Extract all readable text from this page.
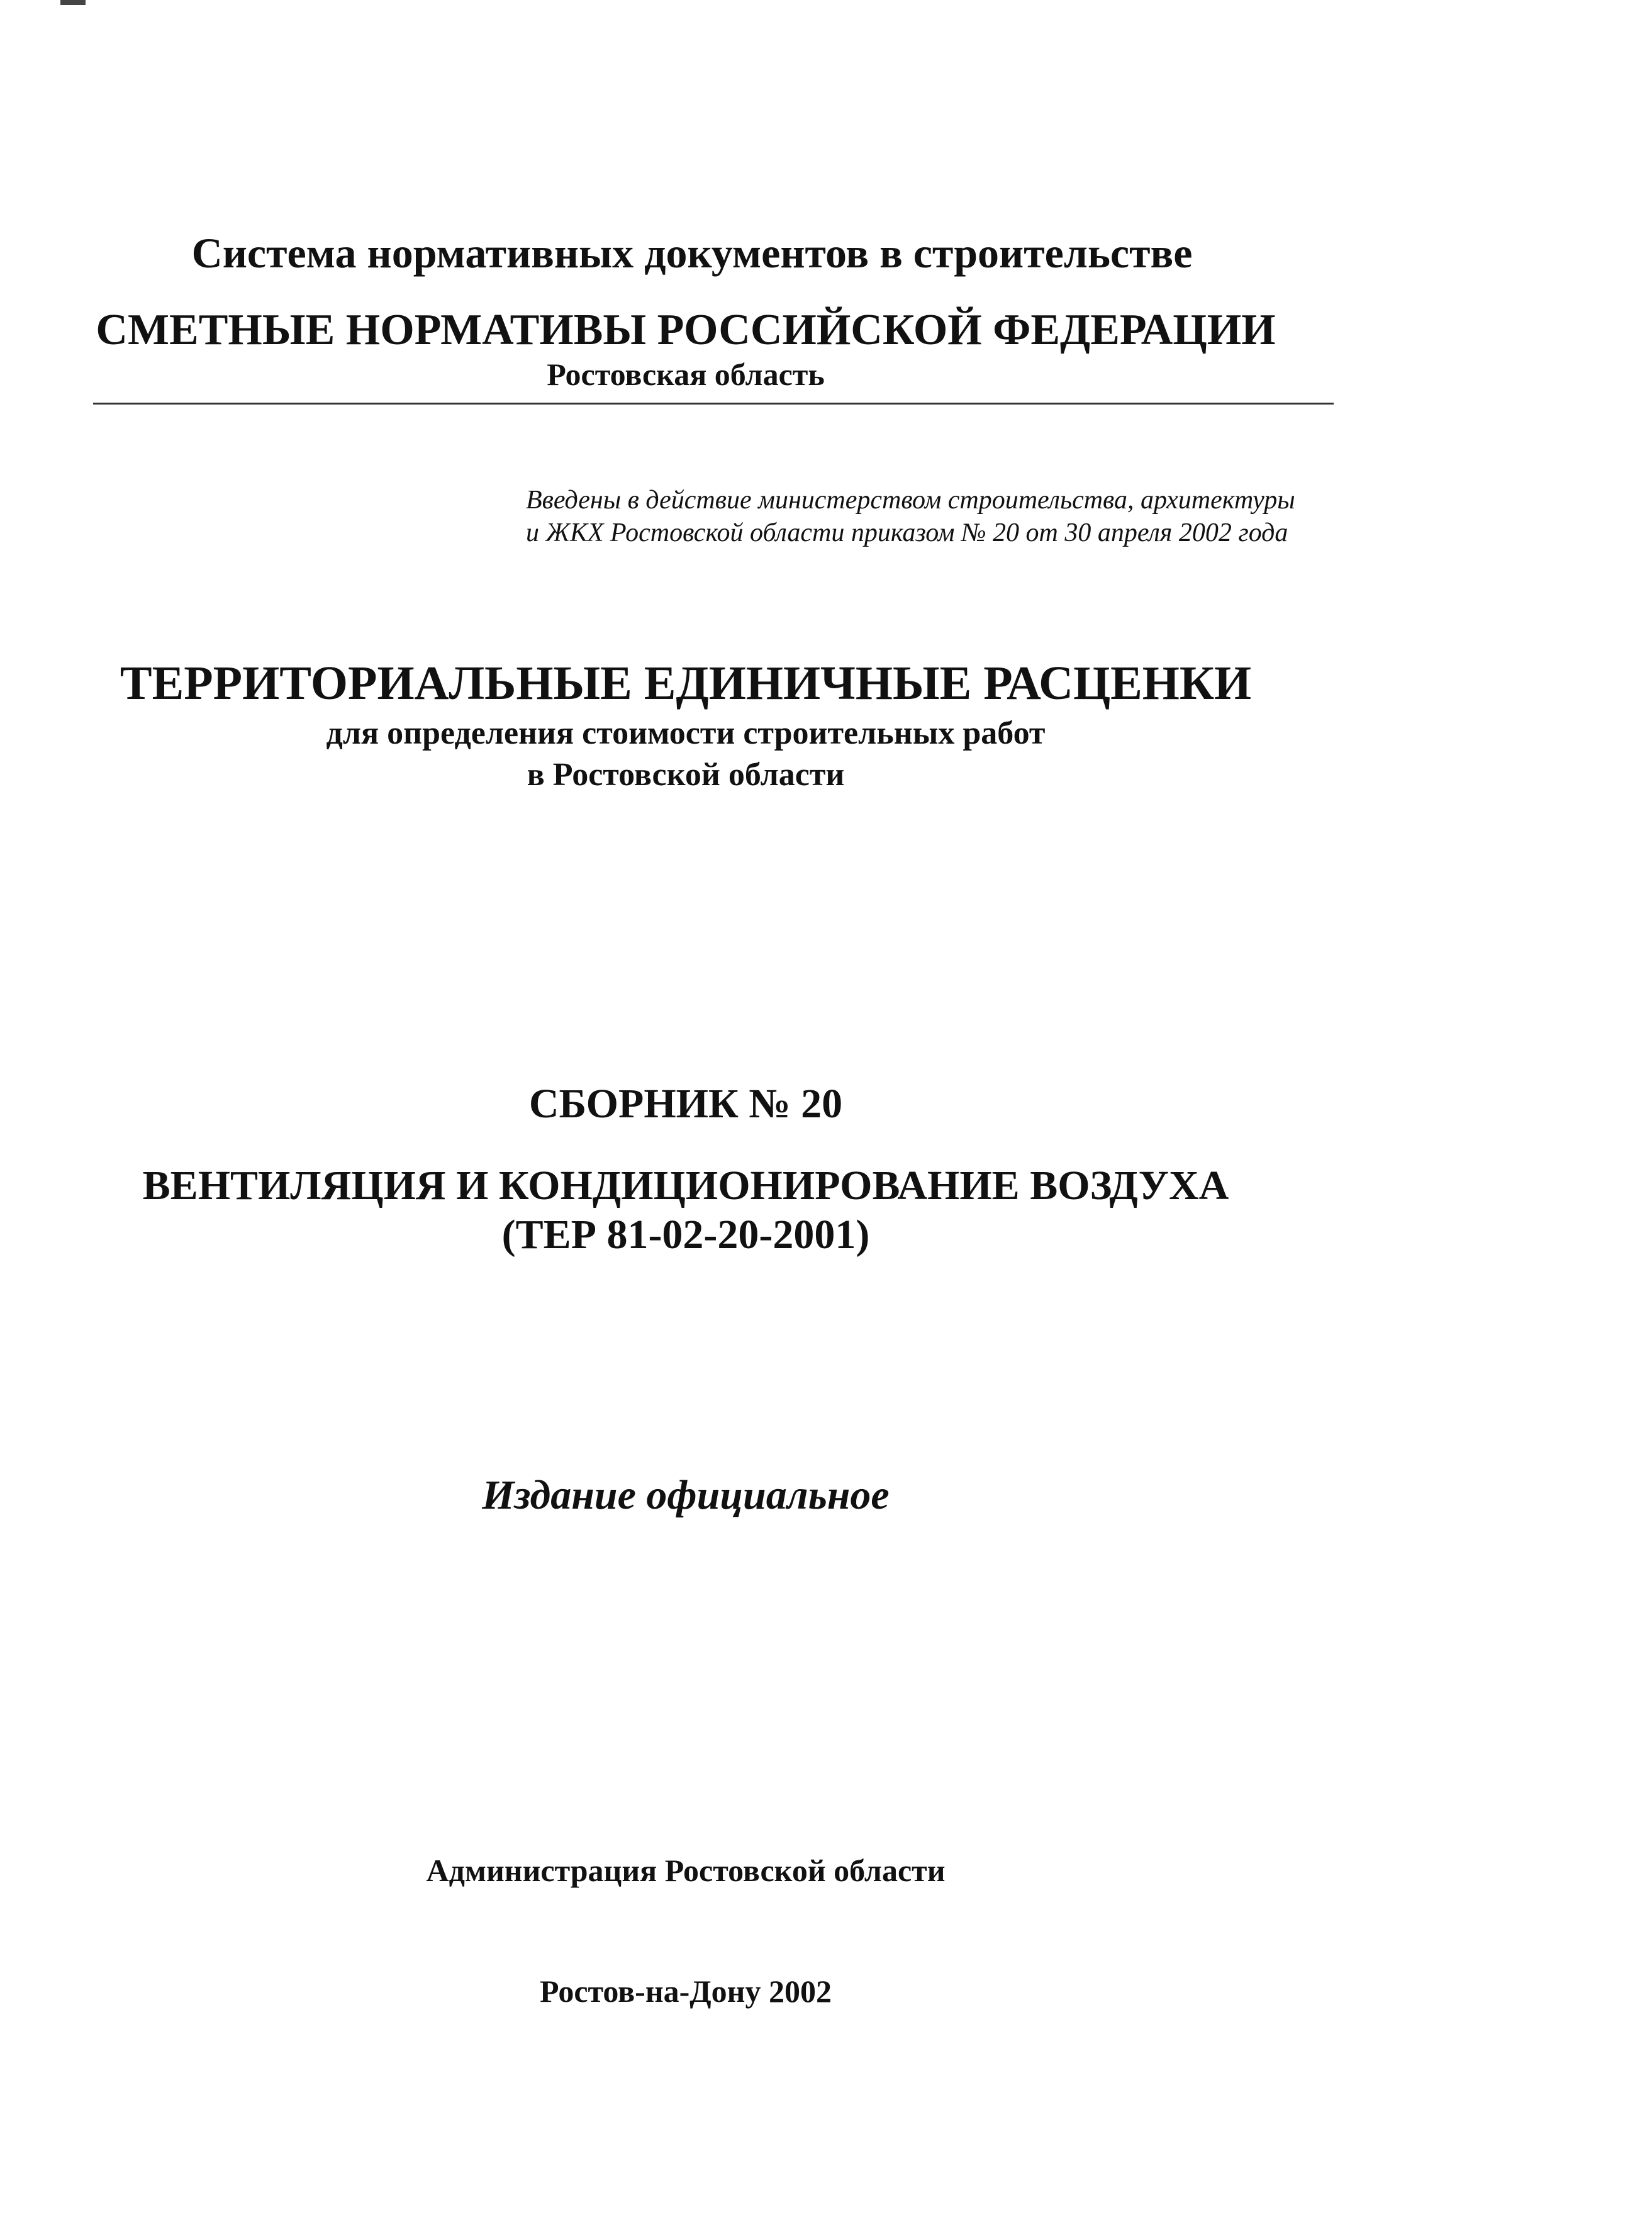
Система нормативных документов в строительстве
СМЕТНЫЕ НОРМАТИВЫ РОССИЙСКОЙ ФЕДЕРАЦИИ
Ростовская область
Введены в действие министерством строительства, архитектуры
и ЖКХ Ростовской области приказом № 20 от 30 апреля 2002 года
ТЕРРИТОРИАЛЬНЫЕ ЕДИНИЧНЫЕ РАСЦЕНКИ
для определения стоимости строительных работ
в Ростовской области
СБОРНИК № 20
ВЕНТИЛЯЦИЯ И КОНДИЦИОНИРОВАНИЕ ВОЗДУХА
(ТЕР 81-02-20-2001)
Издание официальное
Администрация Ростовской области
Ростов-на-Дону 2002
